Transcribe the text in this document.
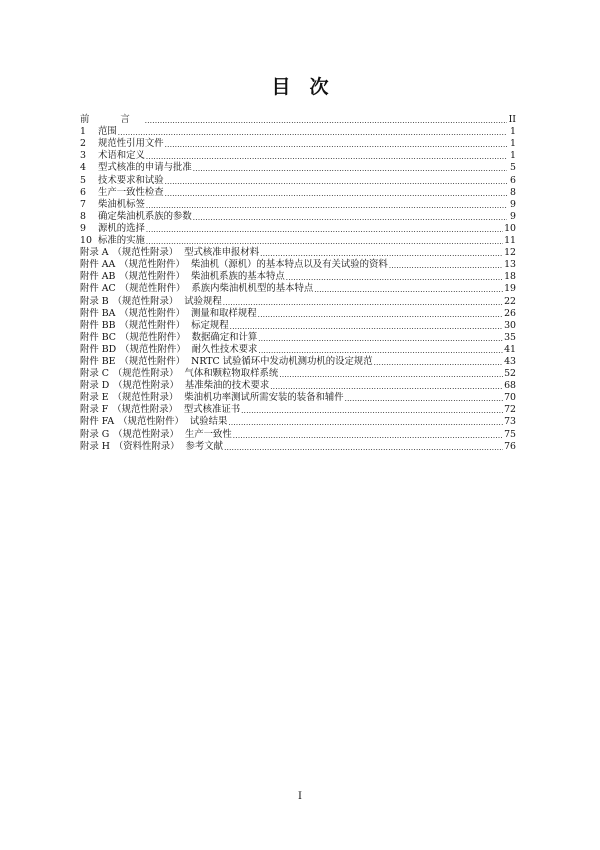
目　次
前 言 .....	II
1	范围 .....	1
2	规范性引用文件 .....	1
3	术语和定义 .....	1
4	型式核准的申请与批准 .....	5
5	技术要求和试验 .....	6
6	生产一致性检查 .....	8
7	柴油机标签 .....	9
8	确定柴油机系族的参数 .....	9
9	源机的选择 .....	10
10 标准的实施 .....	11
附录 A （规范性附录） 型式核准申报材料 .....	12
附件 AA （规范性附件） 柴油机（源机）的基本特点以及有关试验的资料 .....	13
附件 AB （规范性附件） 柴油机系族的基本特点 .....	18
附件 AC （规范性附件） 系族内柴油机机型的基本特点 .....	19
附录 B （规范性附录） 试验规程 .....	22
附件 BA （规范性附件） 测量和取样规程 .....	26
附件 BB （规范性附件） 标定规程 .....	30
附件 BC （规范性附件） 数据确定和计算 .....	35
附件 BD （规范性附件） 耐久性技术要求 .....	41
附件 BE （规范性附件） NRTC 试验循环中发动机测功机的设定规范 .....	43
附录 C （规范性附录） 气体和颗粒物取样系统 .....	52
附录 D （规范性附录） 基准柴油的技术要求 .....	68
附录 E （规范性附录） 柴油机功率测试所需安装的装备和辅件 .....	70
附录 F （规范性附录） 型式核准证书 .....	72
附件 FA （规范性附件） 试验结果 .....	73
附录 G （规范性附录） 生产一致性 .....	75
附录 H （资料性附录） 参考文献 .....	76
I
